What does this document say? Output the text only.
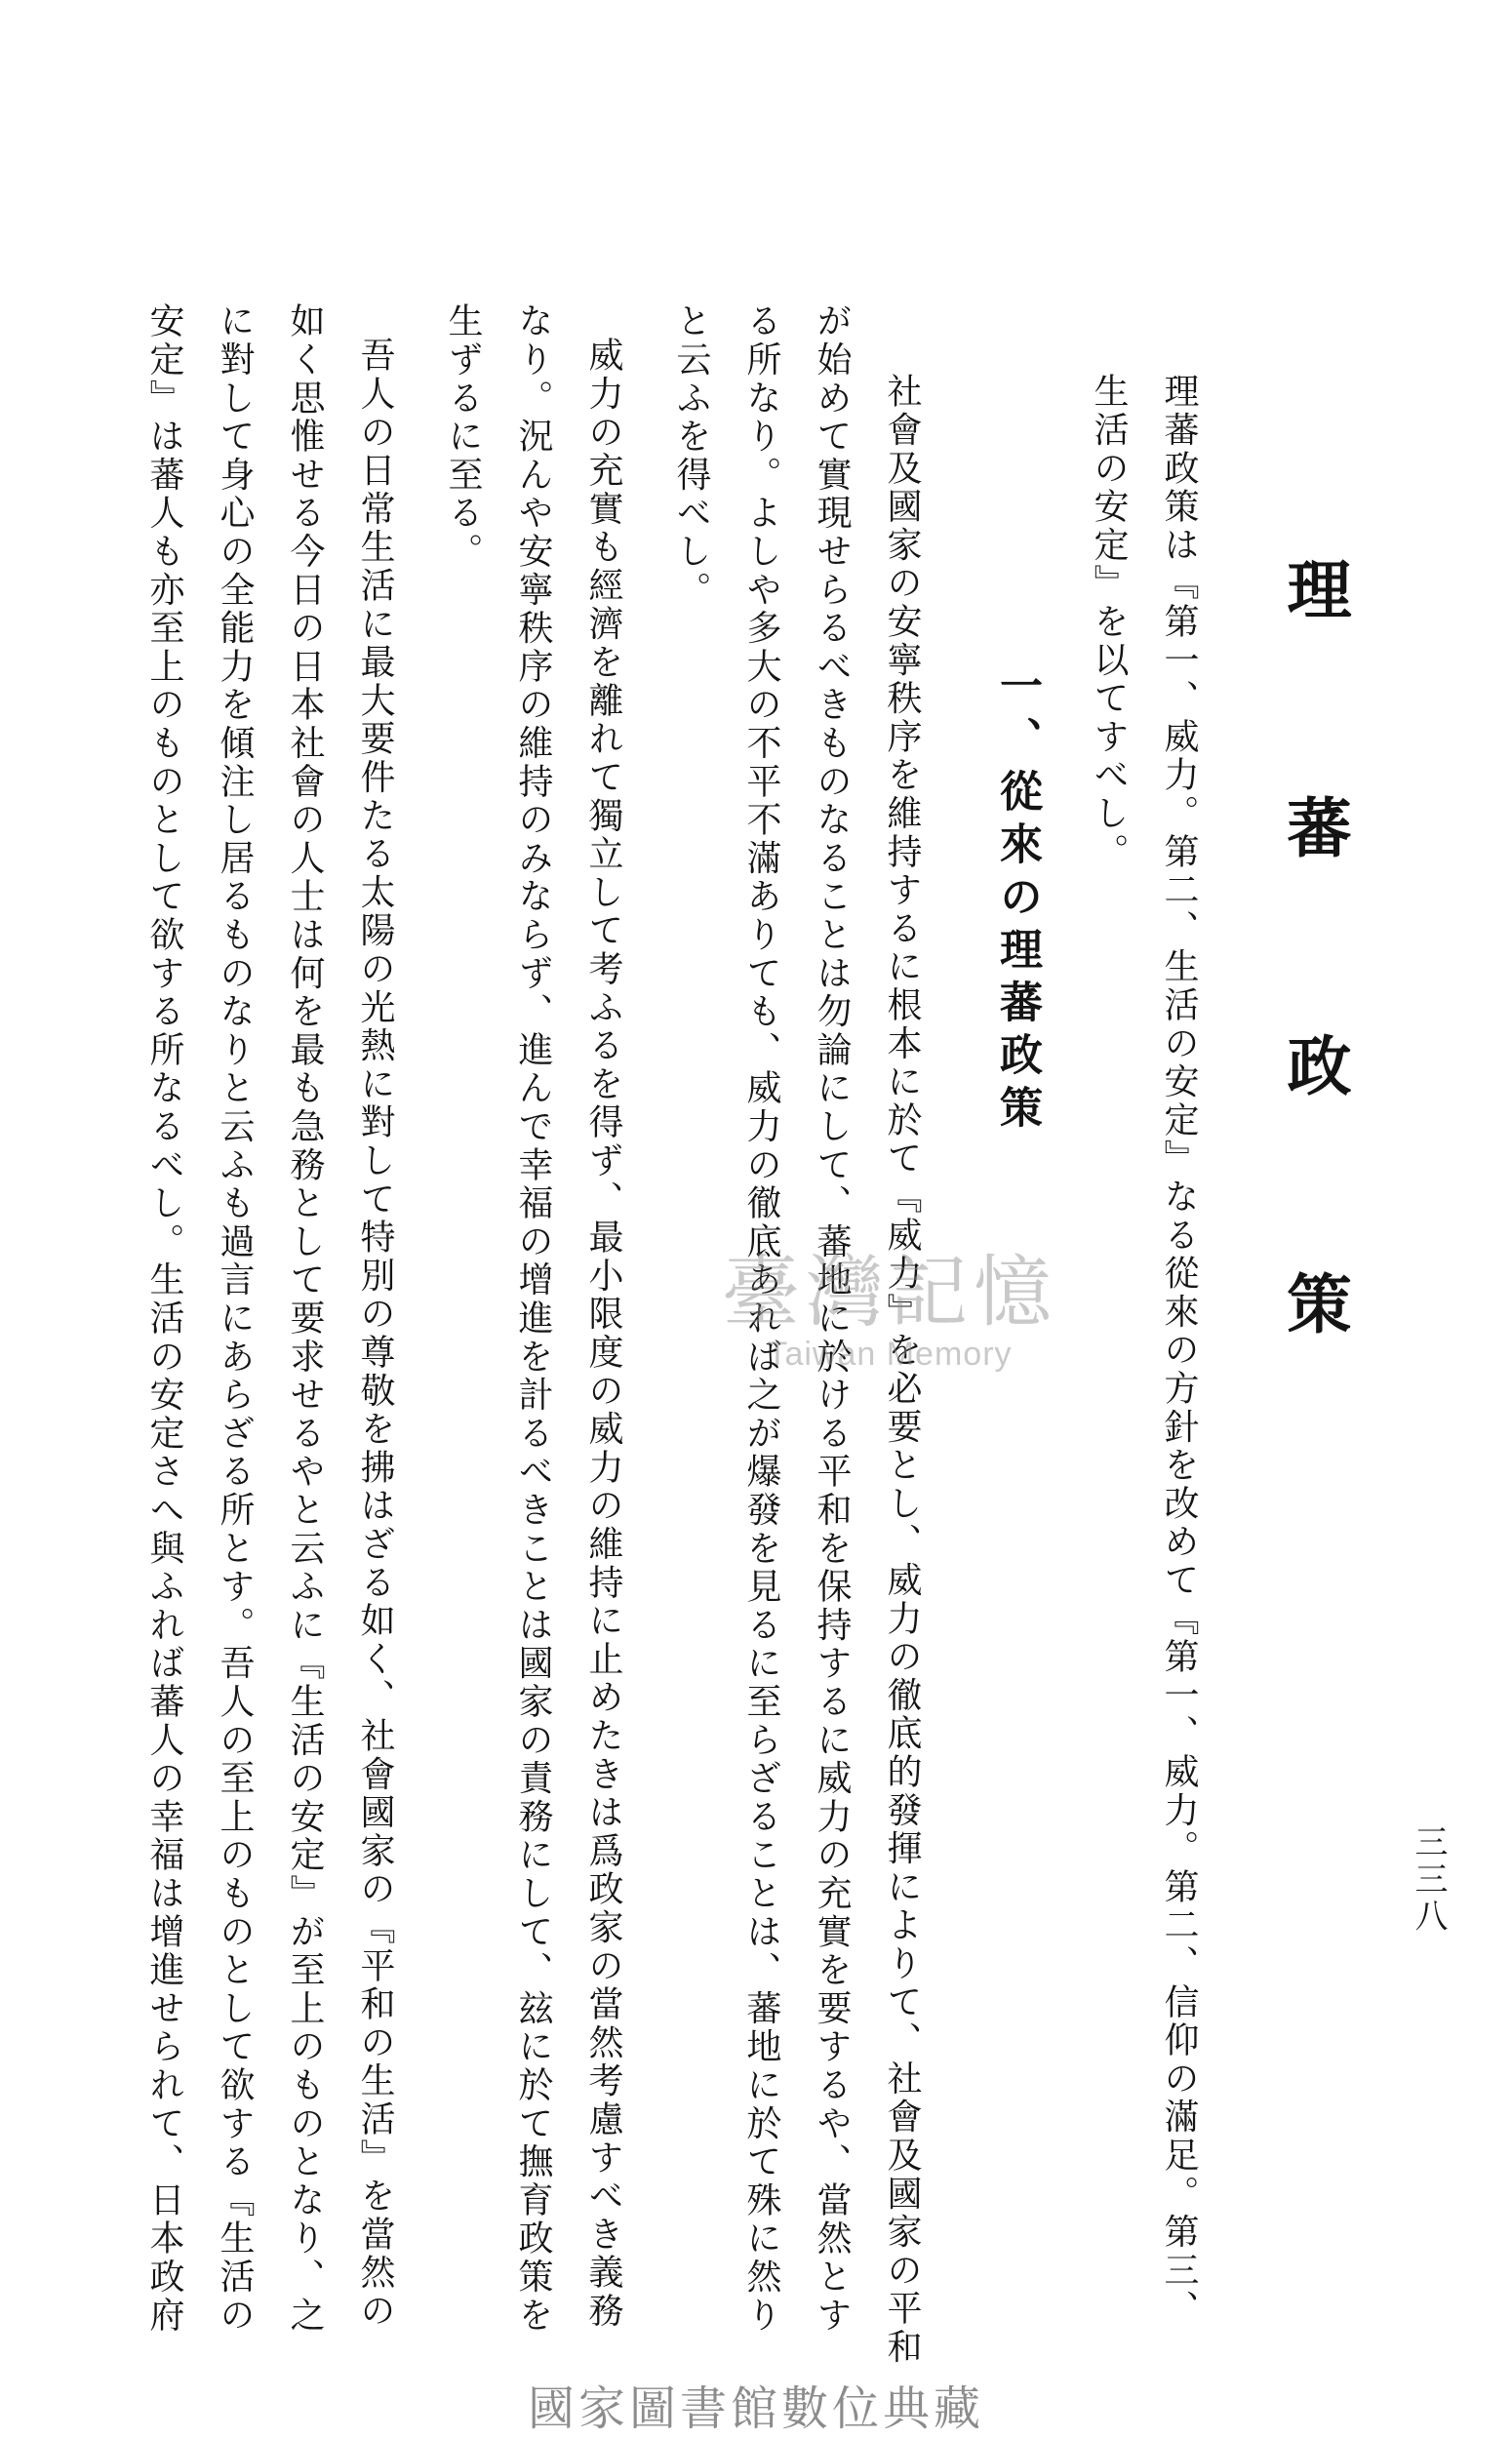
三三八
理　蕃　政　策
理蕃政策は『第一、威力。第二、生活の安定』なる從來の方針を改めて『第一、威力。第二、信仰の滿足。第三、
生活の安定』を以てすべし。
一、從來の理蕃政策
社會及國家の安寧秩序を維持するに根本に於て『威力』を必要とし、威力の徹底的發揮によりて、社會及國家の平和
が始めて實現せらるべきものなることは勿論にして、蕃地に於ける平和を保持するに威力の充實を要するや、當然とす
る所なり。よしや多大の不平不滿ありても、威力の徹底あれば之が爆發を見るに至らざることは、蕃地に於て殊に然り
と云ふを得べし。
威力の充實も經濟を離れて獨立して考ふるを得ず、最小限度の威力の維持に止めたきは爲政家の當然考慮すべき義務
なり。況んや安寧秩序の維持のみならず、進んで幸福の增進を計るべきことは國家の責務にして、玆に於て撫育政策を
生ずるに至る。
吾人の日常生活に最大要件たる太陽の光熱に對して特別の尊敬を拂はざる如く、社會國家の『平和の生活』を當然の
如く思惟せる今日の日本社會の人士は何を最も急務として要求せるやと云ふに『生活の安定』が至上のものとなり、之
に對して身心の全能力を傾注し居るものなりと云ふも過言にあらざる所とす。吾人の至上のものとして欲する『生活の
安定』は蕃人も亦至上のものとして欲する所なるべし。生活の安定さへ與ふれば蕃人の幸福は增進せられて、日本政府	臺灣記憶
Taiwan Memory
國家圖書館數位典藏
